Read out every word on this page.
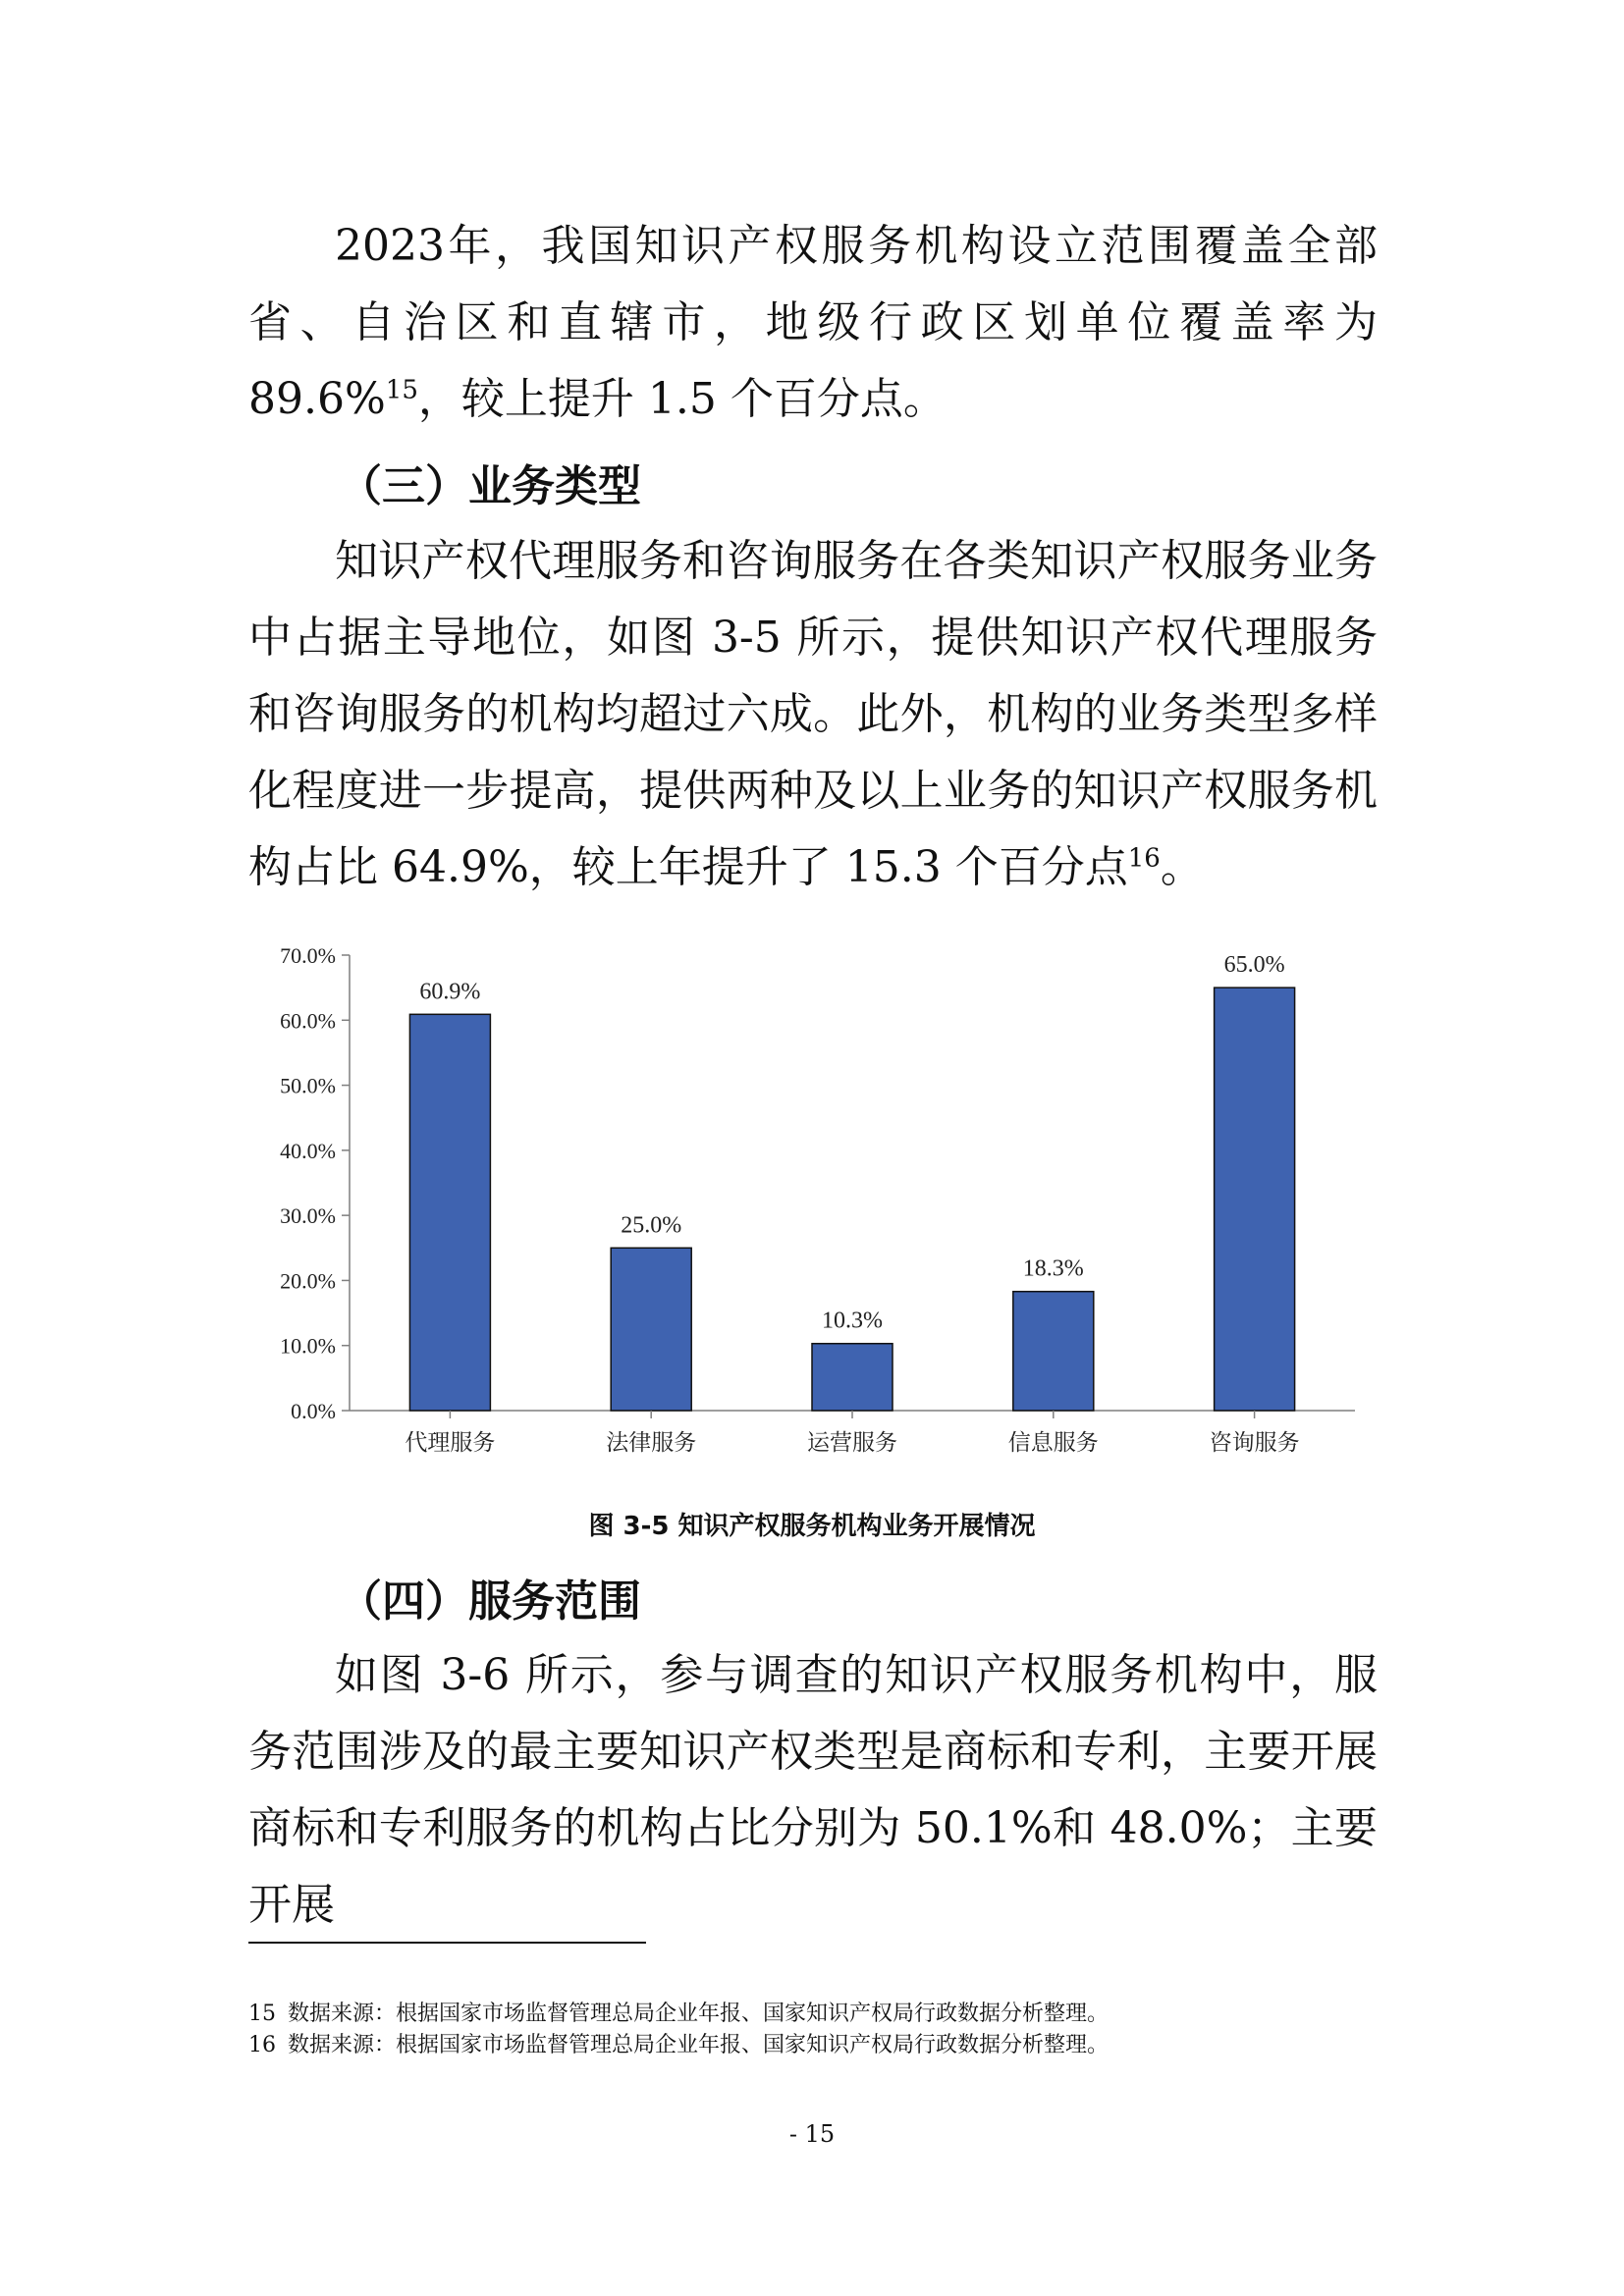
2023年，我国知识产权服务机构设立范围覆盖全部省、自治区和直辖市，地级行政区划单位覆盖率为 89.6%$^{15}$，较上提升 1.5 个百分点。

（三）业务类型

知识产权代理服务和咨询服务在各类知识产权服务业务中占据主导地位，如图 3-5 所示，提供知识产权代理服务和咨询服务的机构均超过六成。此外，机构的业务类型多样化程度进一步提高，提供两种及以上业务的知识产权服务机构占比 64.9%，较上年提升了 15.3 个百分点$^{16}$。

0.0%
10.0%
20.0%
30.0%
40.0%
50.0%
60.0%
70.0%
60.9%
代理服务
25.0%
法律服务
10.3%
运营服务
18.3%
信息服务
65.0%
咨询服务
图 3-5 知识产权服务机构业务开展情况
（四）服务范围

如图 3-6 所示，参与调查的知识产权服务机构中，服务范围涉及的最主要知识产权类型是商标和专利，主要开展商标和专利服务的机构占比分别为 50.1%和 48.0%；主要开展

15 数据来源：根据国家市场监督管理总局企业年报、国家知识产权局行政数据分析整理。
16 数据来源：根据国家市场监督管理总局企业年报、国家知识产权局行政数据分析整理。
- 15
